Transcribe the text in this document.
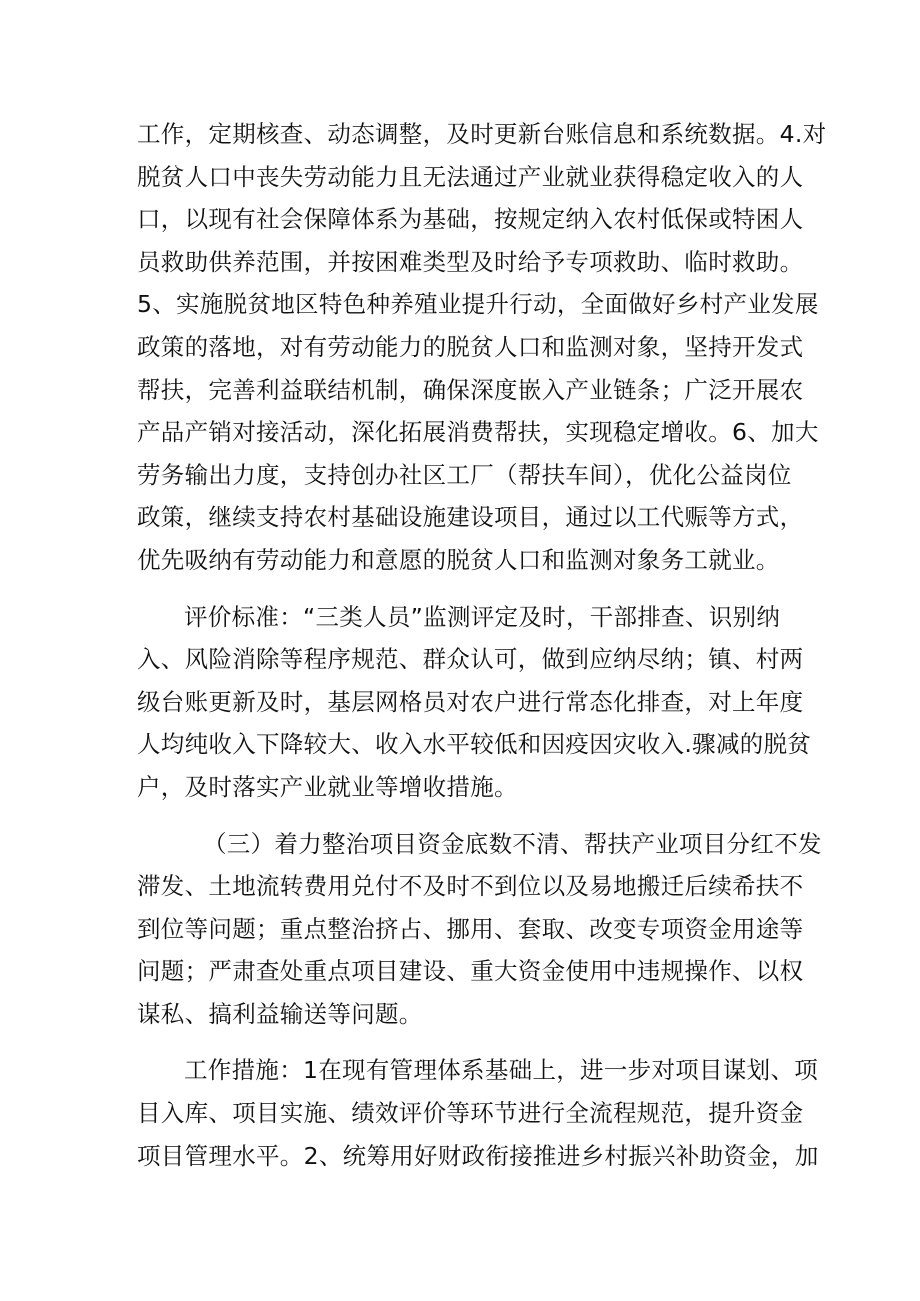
工作，定期核查、动态调整，及时更新台账信息和系统数据。4.对
脱贫人口中丧失劳动能力且无法通过产业就业获得稳定收入的人
口，以现有社会保障体系为基础，按规定纳入农村低保或特困人
员救助供养范围，并按困难类型及时给予专项救助、临时救助。
5、实施脱贫地区特色种养殖业提升行动，全面做好乡村产业发展
政策的落地，对有劳动能力的脱贫人口和监测对象，坚持开发式
帮扶，完善利益联结机制，确保深度嵌入产业链条；广泛开展农
产品产销对接活动，深化拓展消费帮扶，实现稳定增收。6、加大
劳务输出力度，支持创办社区工厂（帮扶车间），优化公益岗位
政策，继续支持农村基础设施建设项目，通过以工代赈等方式，
优先吸纳有劳动能力和意愿的脱贫人口和监测对象务工就业。

评价标准：“三类人员”监测评定及时，干部排查、识别纳
入、风险消除等程序规范、群众认可，做到应纳尽纳；镇、村两
级台账更新及时，基层网格员对农户进行常态化排查，对上年度
人均纯收入下降较大、收入水平较低和因疫因灾收入.骤减的脱贫
户，及时落实产业就业等增收措施。

（三）着力整治项目资金底数不清、帮扶产业项目分红不发
滞发、土地流转费用兑付不及时不到位以及易地搬迁后续希扶不
到位等问题；重点整治挤占、挪用、套取、改变专项资金用途等
问题；严肃查处重点项目建设、重大资金使用中违规操作、以权
谋私、搞利益输送等问题。

工作措施：1在现有管理体系基础上，进一步对项目谋划、项
目入库、项目实施、绩效评价等环节进行全流程规范，提升资金
项目管理水平。2、统筹用好财政衔接推进乡村振兴补助资金，加
